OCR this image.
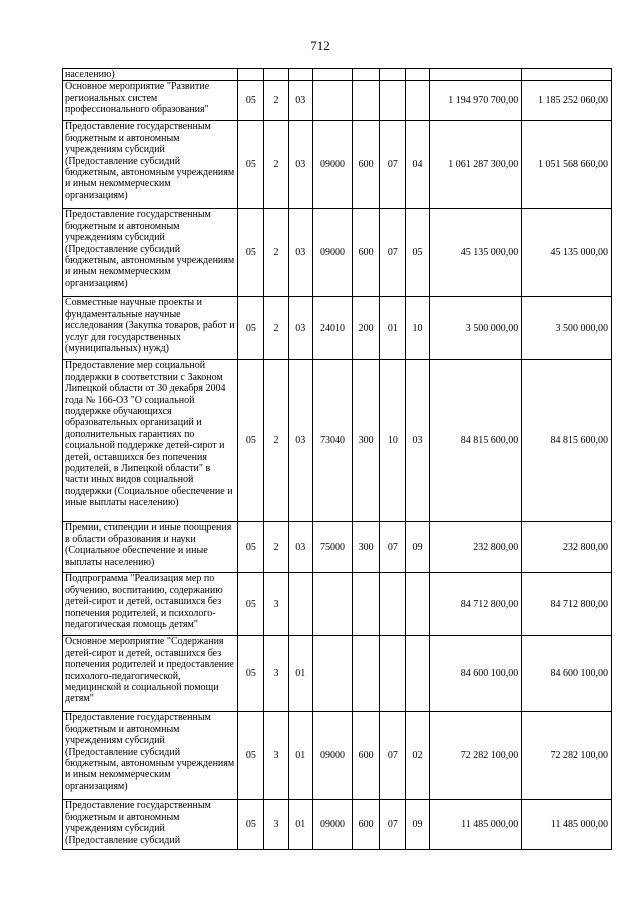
712
населению)									
Основное мероприятие "Развитие региональных систем профессионального образования"	05	2	03					1 194 970 700,00	1 185 252 060,00
Предоставление государственным бюджетным и автономным учреждениям субсидий (Предоставление субсидий бюджетным, автономным учреждениям и иным некоммерческим организациям)	05	2	03	09000	600	07	04	1 061 287 300,00	1 051 568 660,00
Предоставление государственным бюджетным и автономным учреждениям субсидий (Предоставление субсидий бюджетным, автономным учреждениям и иным некоммерческим организациям)	05	2	03	09000	600	07	05	45 135 000,00	45 135 000,00
Совместные научные проекты и фундаментальные научные исследования (Закупка товаров, работ и услуг для государственных (муниципальных) нужд)	05	2	03	24010	200	01	10	3 500 000,00	3 500 000,00
Предоставление мер социальной поддержки в соответствии с Законом Липецкой области от 30 декабря 2004 года № 166-ОЗ "О социальной поддержке обучающихся образовательных организаций и дополнительных гарантиях по социальной поддержке детей-сирот и детей, оставшихся без попечения родителей, в Липецкой области" в части иных видов социальной поддержки (Социальное обеспечение и иные выплаты населению)	05	2	03	73040	300	10	03	84 815 600,00	84 815 600,00
Премии, стипендии и иные поощрения в области образования и науки (Социальное обеспечение и иные выплаты населению)	05	2	03	75000	300	07	09	232 800,00	232 800,00
Подпрограмма "Реализация мер по обучению, воспитанию, содержанию детей-сирот и детей, оставшихся без попечения родителей, и психолого-педагогическая помощь детям"	05	3						84 712 800,00	84 712 800,00
Основное мероприятие "Содержания детей-сирот и детей, оставшихся без попечения родителей и предоставление психолого-педагогической, медицинской и социальной помощи детям"	05	3	01					84 600 100,00	84 600 100,00
Предоставление государственным бюджетным и автономным учреждениям субсидий (Предоставление субсидий бюджетным, автономным учреждениям и иным некоммерческим организациям)	05	3	01	09000	600	07	02	72 282 100,00	72 282 100,00
Предоставление государственным бюджетным и автономным учреждениям субсидий (Предоставление субсидий	05	3	01	09000	600	07	09	11 485 000,00	11 485 000,00
